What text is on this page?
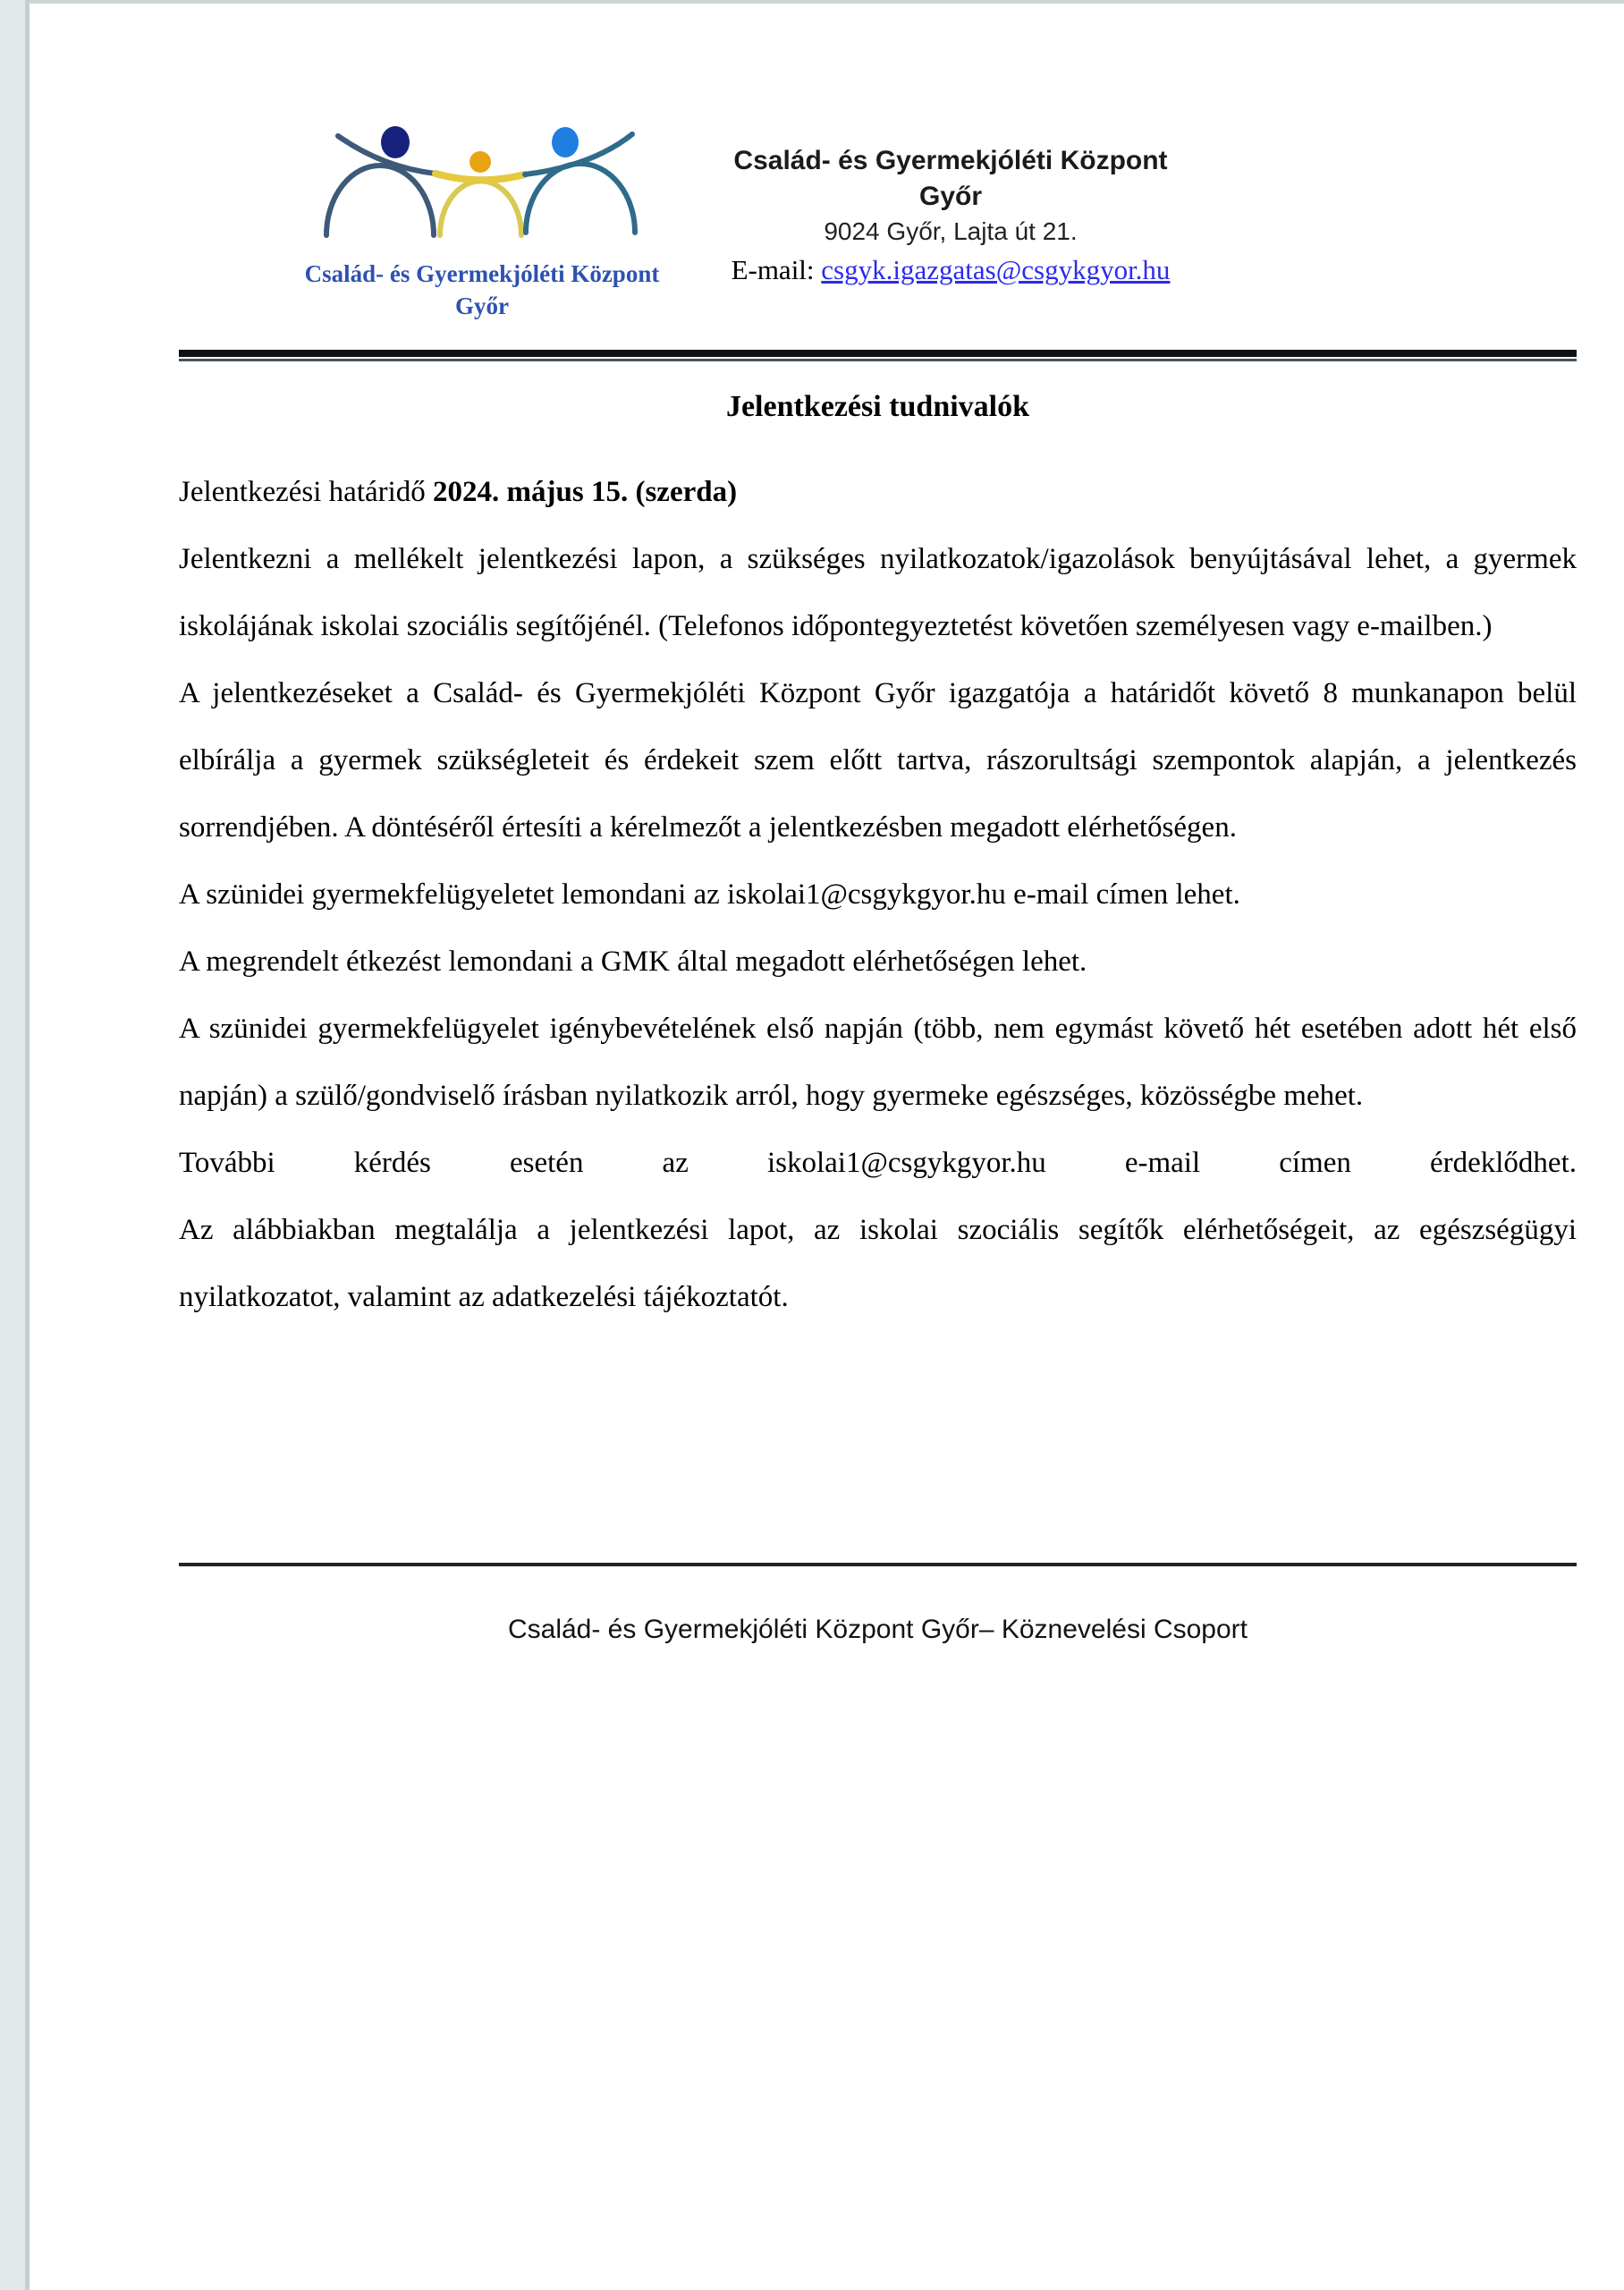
Család- és Gyermekjóléti Központ
Győr
Család- és Gyermekjóléti Központ Győr
9024 Győr, Lajta út 21.
E-mail: csgyk.igazgatas@csgykgyor.hu
Jelentkezési tudnivalók

Jelentkezési határidő 2024. május 15. (szerda)

Jelentkezni a mellékelt jelentkezési lapon, a szükséges nyilatkozatok/igazolások benyújtásával lehet, a gyermek iskolájának iskolai szociális segítőjénél. (Telefonos időpontegyeztetést követően személyesen vagy e-mailben.)

A jelentkezéseket a Család- és Gyermekjóléti Központ Győr igazgatója a határidőt követő 8 munkanapon belül elbírálja a gyermek szükségleteit és érdekeit szem előtt tartva, rászorultsági szempontok alapján, a jelentkezés sorrendjében. A döntéséről értesíti a kérelmezőt a jelentkezésben megadott elérhetőségen.

A szünidei gyermekfelügyeletet lemondani az iskolai1@csgykgyor.hu e-mail címen lehet.

A megrendelt étkezést lemondani a GMK által megadott elérhetőségen lehet.

A szünidei gyermekfelügyelet igénybevételének első napján (több, nem egymást követő hét esetében adott hét első napján) a szülő/gondviselő írásban nyilatkozik arról, hogy gyermeke egészséges, közösségbe mehet.

További kérdés esetén az iskolai1@csgykgyor.hu e-mail címen érdeklődhet.

Az alábbiakban megtalálja a jelentkezési lapot, az iskolai szociális segítők elérhetőségeit, az egészségügyi nyilatkozatot, valamint az adatkezelési tájékoztatót.

Család- és Gyermekjóléti Központ Győr– Köznevelési Csoport
